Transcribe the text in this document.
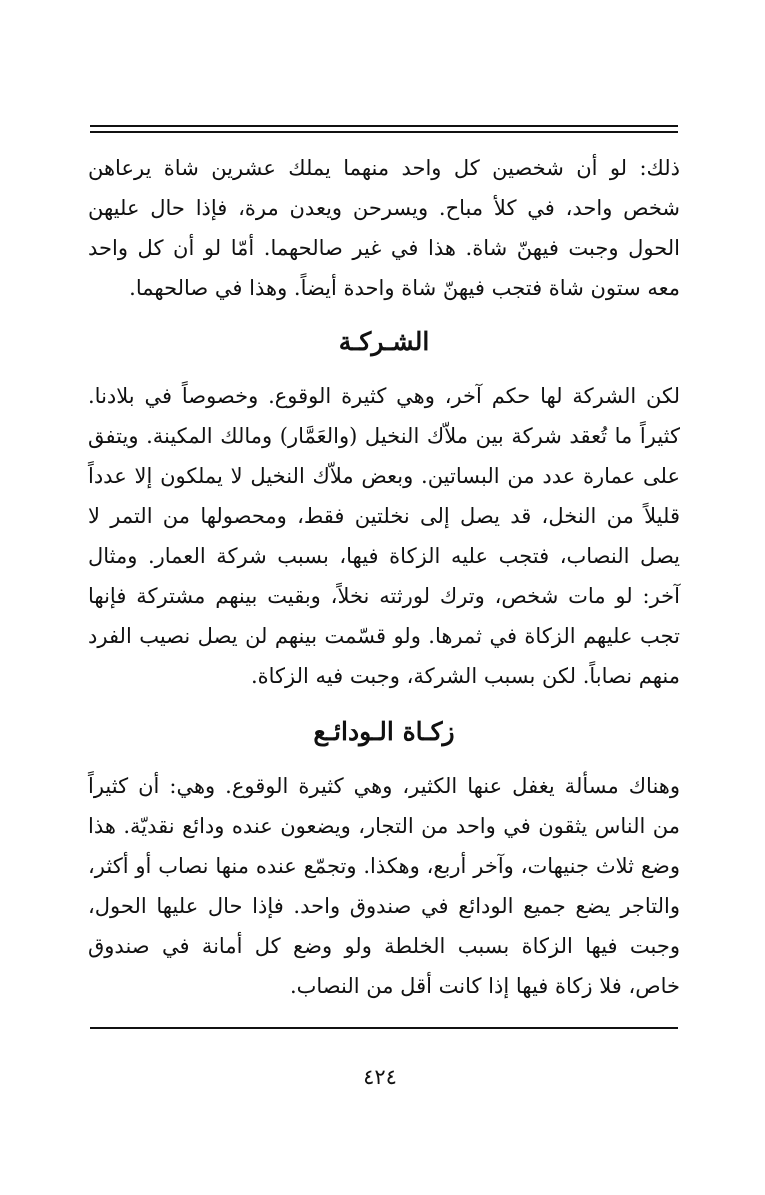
ذلك: لو أن شخصين كل واحد منهما يملك عشرين شاة يرعاهن شخص واحد، في كلأ مباح. ويسرحن ويعدن مرة، فإذا حال عليهن الحول وجبت فيهنّ شاة. هذا في غير صالحهما. أمّا لو أن كل واحد معه ستون شاة فتجب فيهنّ شاة واحدة أيضاً. وهذا في صالحهما.

الشـركـة

لكن الشركة لها حكم آخر، وهي كثيرة الوقوع. وخصوصاً في بلادنا. كثيراً ما تُعقد شركة بين ملاّك النخيل (والعَمَّار) ومالك المكينة. ويتفق على عمارة عدد من البساتين. وبعض ملاّك النخيل لا يملكون إلا عدداً قليلاً من النخل، قد يصل إلى نخلتين فقط، ومحصولها من التمر لا يصل النصاب، فتجب عليه الزكاة فيها، بسبب شركة العمار. ومثال آخر: لو مات شخص، وترك لورثته نخلاً، وبقيت بينهم مشتركة فإنها تجب عليهم الزكاة في ثمرها. ولو قسّمت بينهم لن يصل نصيب الفرد منهم نصاباً. لكن بسبب الشركة، وجبت فيه الزكاة.

زكـاة الـودائـع

وهناك مسألة يغفل عنها الكثير، وهي كثيرة الوقوع. وهي: أن كثيراً من الناس يثقون في واحد من التجار، ويضعون عنده ودائع نقديّة. هذا وضع ثلاث جنيهات، وآخر أربع، وهكذا. وتجمّع عنده منها نصاب أو أكثر، والتاجر يضع جميع الودائع في صندوق واحد. فإذا حال عليها الحول، وجبت فيها الزكاة بسبب الخلطة ولو وضع كل أمانة في صندوق خاص، فلا زكاة فيها إذا كانت أقل من النصاب.

٤٢٤
